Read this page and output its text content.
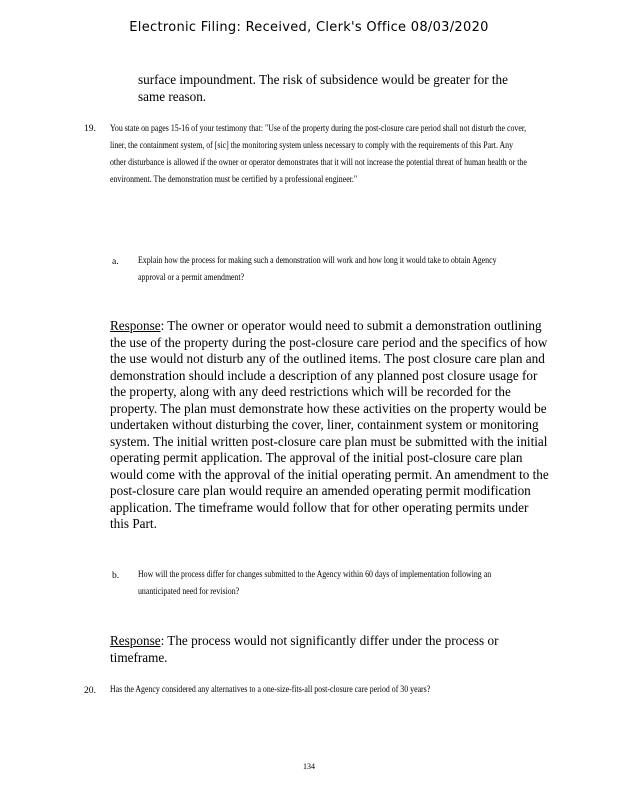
Electronic Filing: Received, Clerk's Office 08/03/2020
surface impoundment. The risk of subsidence would be greater for the same reason.
19. You state on pages 15-16 of your testimony that: "Use of the property during the post-closure care period shall not disturb the cover, liner, the containment system, of [sic] the monitoring system unless necessary to comply with the requirements of this Part. Any other disturbance is allowed if the owner or operator demonstrates that it will not increase the potential threat of human health or the environment. The demonstration must be certified by a professional engineer."
a. Explain how the process for making such a demonstration will work and how long it would take to obtain Agency approval or a permit amendment?
Response: The owner or operator would need to submit a demonstration outlining the use of the property during the post-closure care period and the specifics of how the use would not disturb any of the outlined items. The post closure care plan and demonstration should include a description of any planned post closure usage for the property, along with any deed restrictions which will be recorded for the property. The plan must demonstrate how these activities on the property would be undertaken without disturbing the cover, liner, containment system or monitoring system. The initial written post-closure care plan must be submitted with the initial operating permit application. The approval of the initial post-closure care plan would come with the approval of the initial operating permit. An amendment to the post-closure care plan would require an amended operating permit modification application. The timeframe would follow that for other operating permits under this Part.
b. How will the process differ for changes submitted to the Agency within 60 days of implementation following an unanticipated need for revision?
Response: The process would not significantly differ under the process or timeframe.
20. Has the Agency considered any alternatives to a one-size-fits-all post-closure care period of 30 years?
134
